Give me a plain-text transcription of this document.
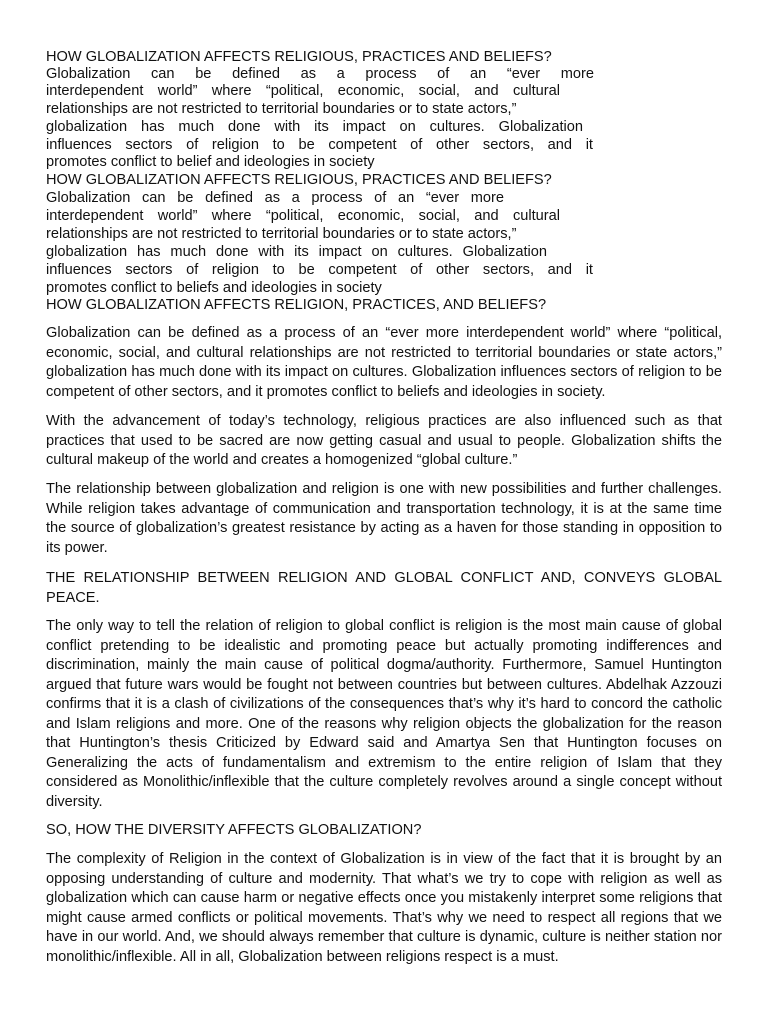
HOW GLOBALIZATION AFFECTS RELIGIOUS, PRACTICES AND BELIEFS?
Globalization can be defined as a process of an “ever more
interdependent world” where “political, economic, social, and cultural
relationships are not restricted to territorial boundaries or to state actors,”
globalization has much done with its impact on cultures. Globalization
influences sectors of religion to be competent of other sectors, and it
promotes conflict to belief and ideologies in society
HOW GLOBALIZATION AFFECTS RELIGIOUS, PRACTICES AND BELIEFS?
Globalization can be defined as a process of an “ever more
interdependent world” where “political, economic, social, and cultural
relationships are not restricted to territorial boundaries or to state actors,”
globalization has much done with its impact on cultures. Globalization
influences sectors of religion to be competent of other sectors, and it
promotes conflict to beliefs and ideologies in society
HOW GLOBALIZATION AFFECTS RELIGION, PRACTICES, AND BELIEFS?

Globalization can be defined as a process of an “ever more interdependent world” where “political, economic, social, and cultural relationships are not restricted to territorial boundaries or state actors,” globalization has much done with its impact on cultures. Globalization influences sectors of religion to be competent of other sectors, and it promotes conflict to beliefs and ideologies in society.

With the advancement of today’s technology, religious practices are also influenced such as that practices that used to be sacred are now getting casual and usual to people. Globalization shifts the cultural makeup of the world and creates a homogenized “global culture.”

The relationship between globalization and religion is one with new possibilities and further challenges. While religion takes advantage of communication and transportation technology, it is at the same time the source of globalization’s greatest resistance by acting as a haven for those standing in opposition to its power.

THE RELATIONSHIP BETWEEN RELIGION AND GLOBAL CONFLICT AND, CONVEYS GLOBAL PEACE.

The only way to tell the relation of religion to global conflict is religion is the most main cause of global conflict pretending to be idealistic and promoting peace but actually promoting indifferences and discrimination, mainly the main cause of political dogma/authority. Furthermore, Samuel Huntington argued that future wars would be fought not between countries but between cultures. Abdelhak Azzouzi confirms that it is a clash of civilizations of the consequences that’s why it’s hard to concord the catholic and Islam religions and more. One of the reasons why religion objects the globalization for the reason that Huntington’s thesis Criticized by Edward said and Amartya Sen that Huntington focuses on Generalizing the acts of fundamentalism and extremism to the entire religion of Islam that they considered as Monolithic/inflexible that the culture completely revolves around a single concept without diversity.

SO, HOW THE DIVERSITY AFFECTS GLOBALIZATION?

The complexity of Religion in the context of Globalization is in view of the fact that it is brought by an opposing understanding of culture and modernity. That what’s we try to cope with religion as well as globalization which can cause harm or negative effects once you mistakenly interpret some religions that might cause armed conflicts or political movements. That’s why we need to respect all regions that we have in our world. And, we should always remember that culture is dynamic, culture is neither station nor monolithic/inflexible. All in all, Globalization between religions respect is a must.
